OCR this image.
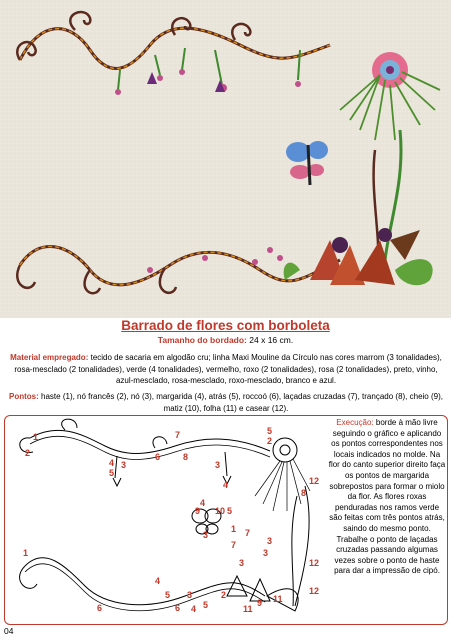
Barrado de flores com borboleta
Tamanho do bordado: 24 x 16 cm.
Material empregado: tecido de sacaria em algodão cru; linha Maxi Mouline da Círculo nas cores marrom (3 tonalidades), rosa-mesclado (2 tonalidades), verde (4 tonalidades), vermelho, roxo (2 tonalidades), rosa (2 tonalidades), preto, vinho, azul-mesclado, rosa-mesclado, roxo-mesclado, branco e azul.
Pontos: haste (1), nó francês (2), nó (3), margarida (4), atrás (5), roccoó (6), laçadas cruzadas (7), trançado (8), cheio (9), matiz (10), folha (11) e casear (12).
1
2
4
5
3
7
6	8
3
4
5
2
1
3
12
8
7
3
9 10
4
3
5
1
7
12
3
6
4
5 3
6 4 5
2
11
9 11
12
Execução: borde à mão livre seguindo o gráfico e aplicando os pontos correspondentes nos locais indicados no molde. Na flor do canto superior direito faça os pontos de margarida sobrepostos para formar o miolo da flor. As flores roxas penduradas nos ramos verde são feitas com três pontos atrás, saindo do mesmo ponto. Trabalhe o ponto de laçadas cruzadas passando algumas vezes sobre o ponto de haste para dar a impressão de cipó.
04
